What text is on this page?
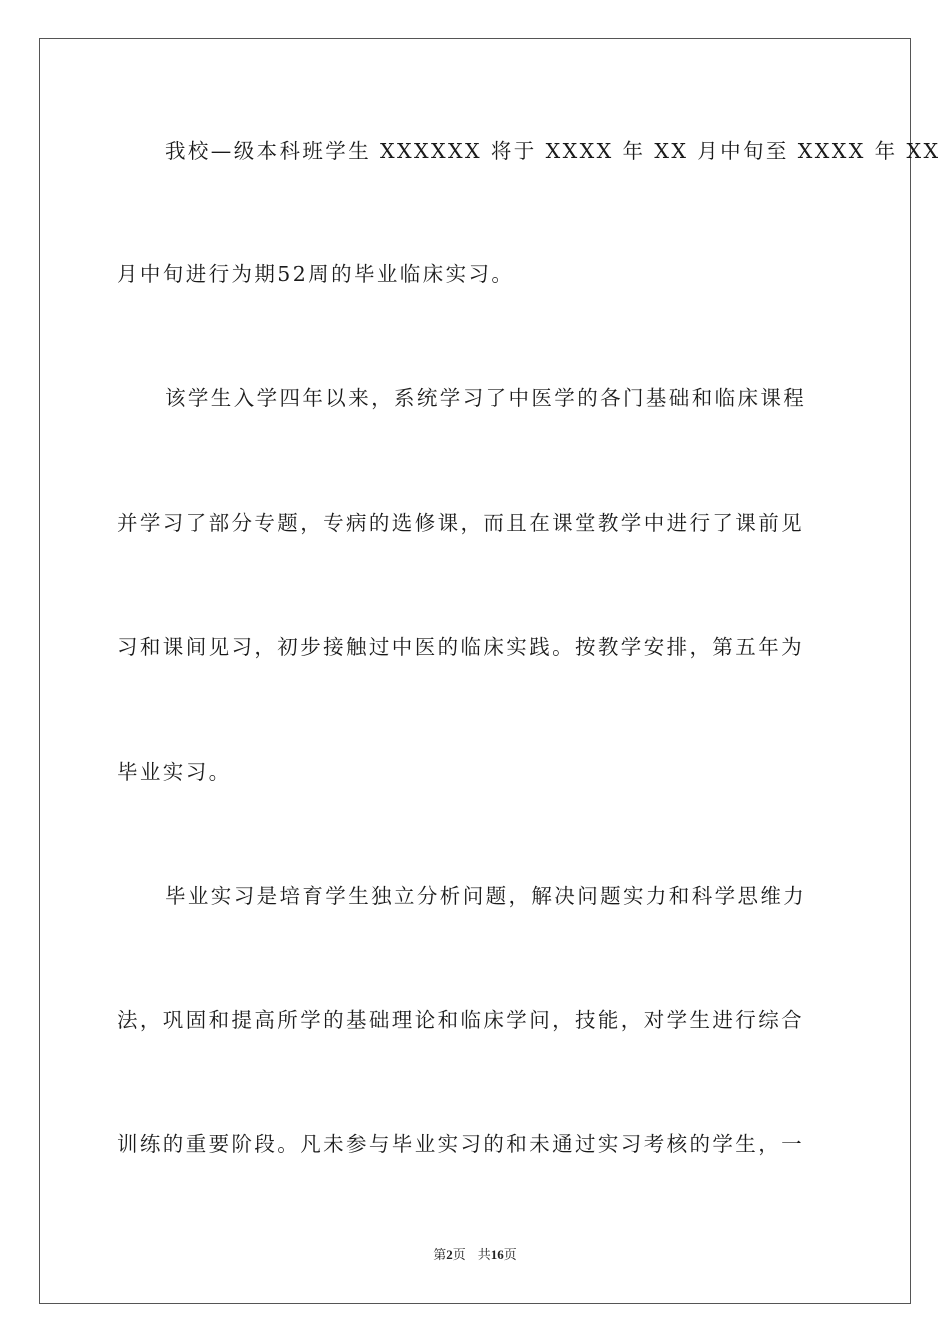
我校—级本科班学生 XXXXXX 将于 XXXX 年 XX 月中旬至 XXXX 年 XX
月中旬进行为期52周的毕业临床实习。
该学生入学四年以来，系统学习了中医学的各门基础和临床课程
并学习了部分专题，专病的选修课，而且在课堂教学中进行了课前见
习和课间见习，初步接触过中医的临床实践。按教学安排，第五年为
毕业实习。
毕业实习是培育学生独立分析问题，解决问题实力和科学思维力
法，巩固和提高所学的基础理论和临床学问，技能，对学生进行综合
训练的重要阶段。凡未参与毕业实习的和未通过实习考核的学生，一
第2页 共16页
